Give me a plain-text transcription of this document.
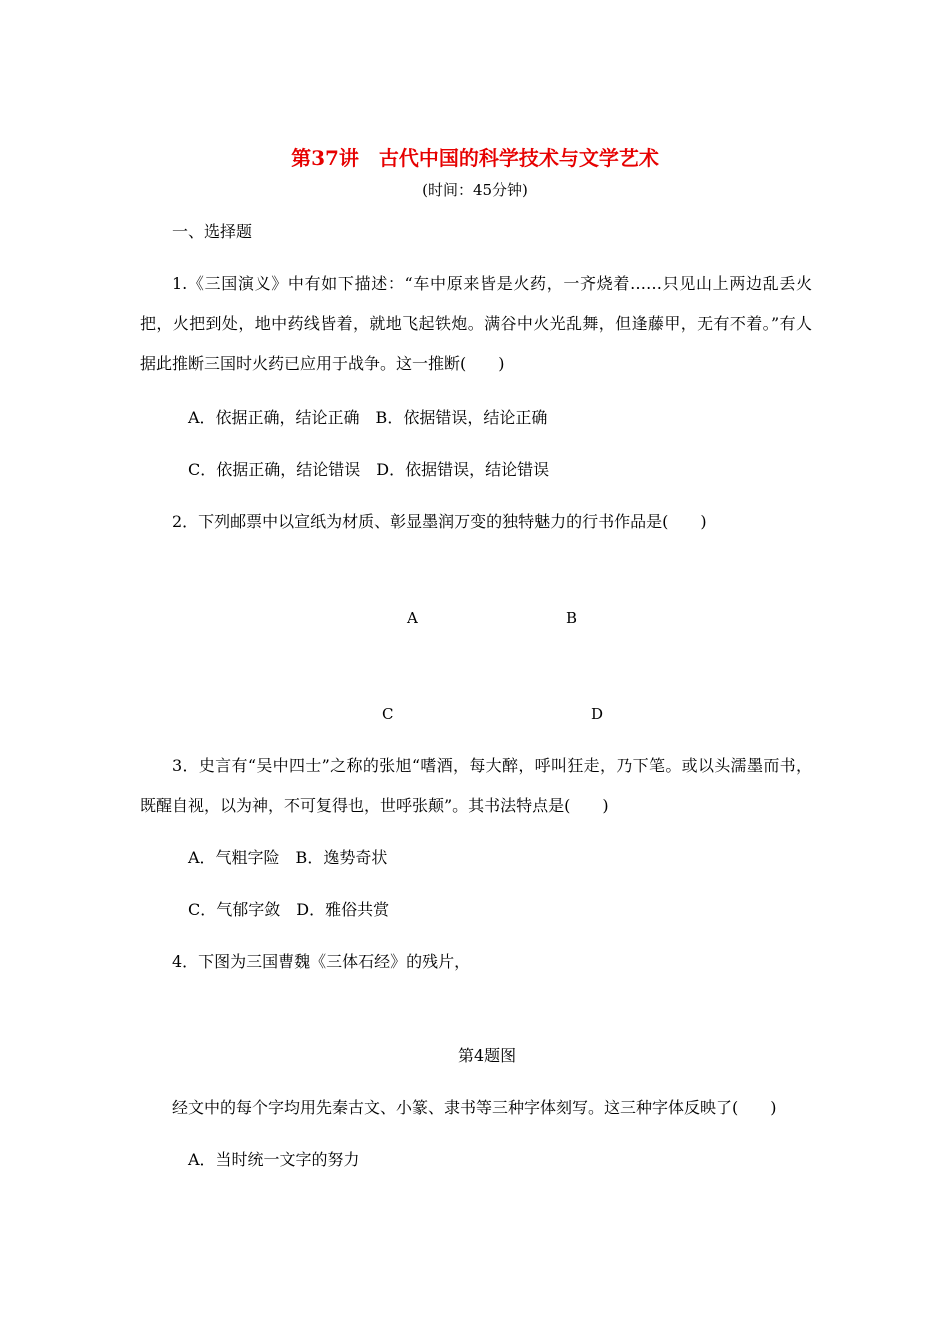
第37讲　古代中国的科学技术与文学艺术
(时间：45分钟)
一、选择题
1.《三国演义》中有如下描述：“车中原来皆是火药，一齐烧着……只见山上两边乱丢火把，火把到处，地中药线皆着，就地飞起铁炮。满谷中火光乱舞，但逢藤甲，无有不着。”有人据此推断三国时火药已应用于战争。这一推断(　　)
A．依据正确，结论正确　B．依据错误，结论正确
C．依据正确，结论错误　D．依据错误，结论错误
2．下列邮票中以宣纸为材质、彰显墨润万变的独特魅力的行书作品是(　　)
A	B
C	D
3．史言有“吴中四士”之称的张旭“嗜酒，每大醉，呼叫狂走，乃下笔。或以头濡墨而书，既醒自视，以为神，不可复得也，世呼张颠”。其书法特点是(　　)
A．气粗字险　B．逸势奇状
C．气郁字敛　D．雅俗共赏
4．下图为三国曹魏《三体石经》的残片，
第4题图
经文中的每个字均用先秦古文、小篆、隶书等三种字体刻写。这三种字体反映了(　　)
A．当时统一文字的努力
